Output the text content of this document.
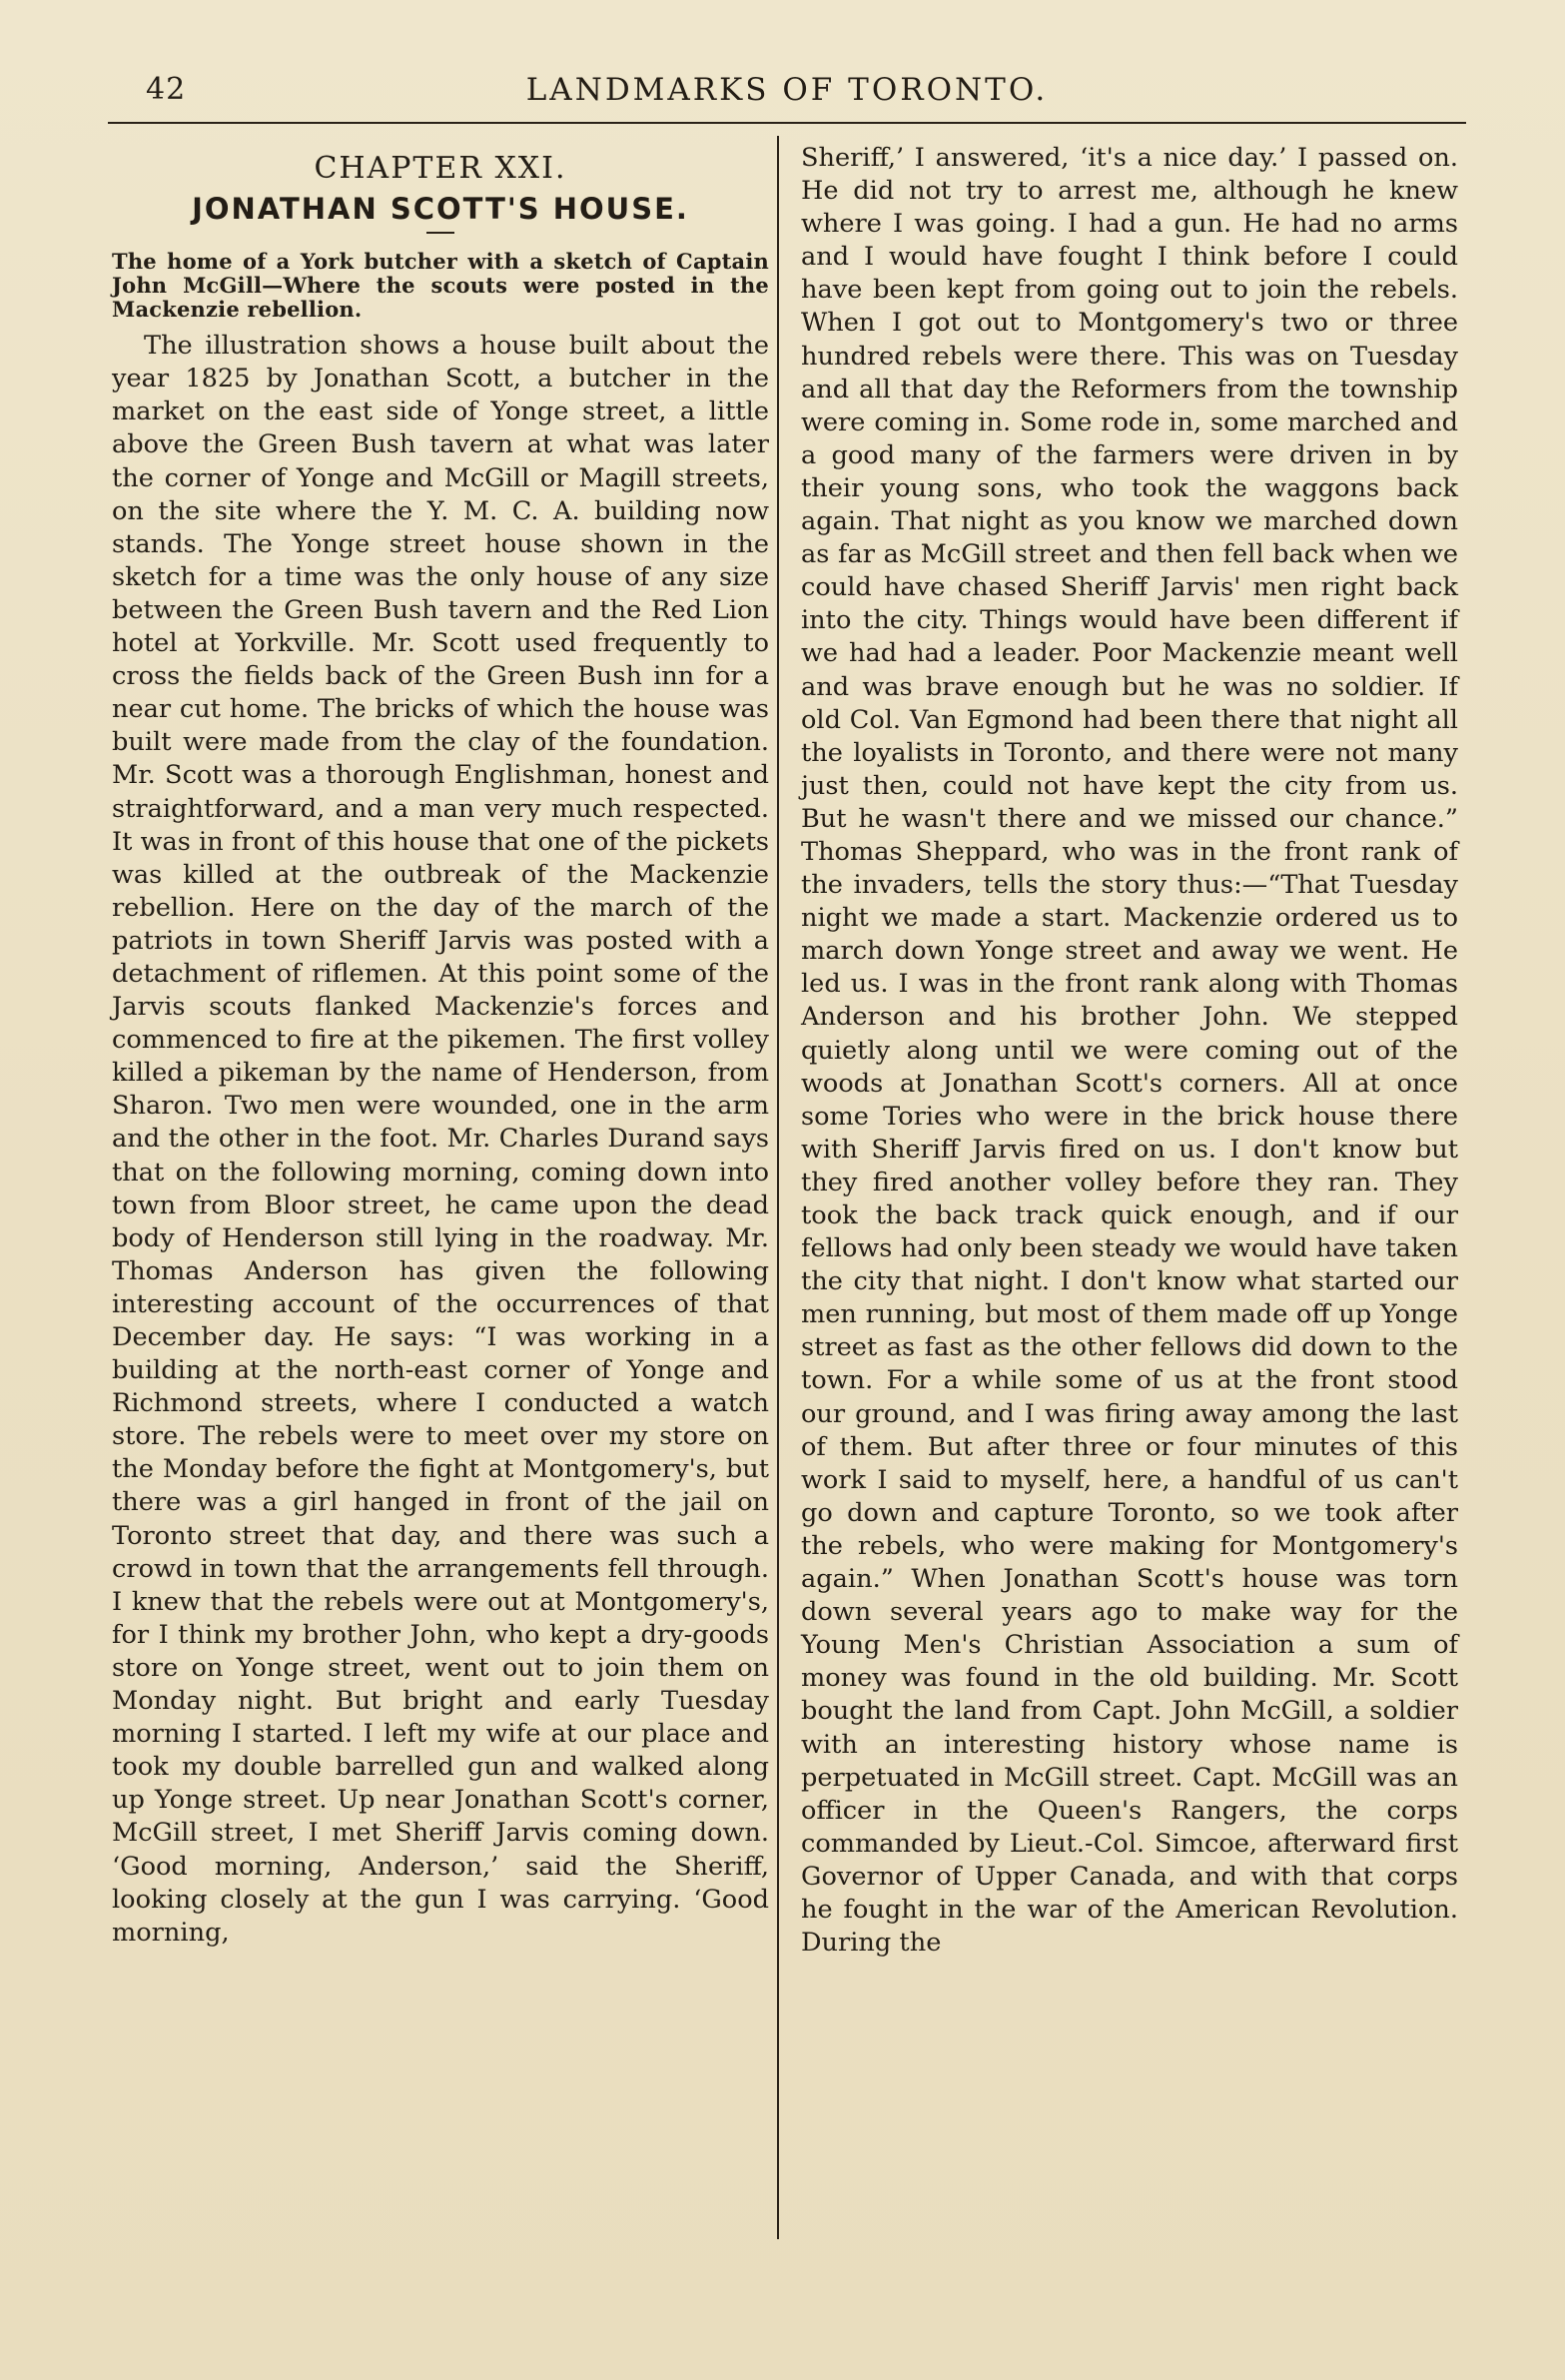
42	LANDMARKS OF TORONTO.
CHAPTER XXI.
JONATHAN SCOTT'S HOUSE.
The home of a York butcher with a sketch of Captain John McGill—Where the scouts were posted in the Mackenzie rebellion.

The illustration shows a house built about the year 1825 by Jonathan Scott, a butcher in the market on the east side of Yonge street, a little above the Green Bush tavern at what was later the corner of Yonge and McGill or Magill streets, on the site where the Y. M. C. A. building now stands. The Yonge street house shown in the sketch for a time was the only house of any size between the Green Bush tavern and the Red Lion hotel at Yorkville. Mr. Scott used frequently to cross the fields back of the Green Bush inn for a near cut home. The bricks of which the house was built were made from the clay of the foundation. Mr. Scott was a thorough Englishman, honest and straightforward, and a man very much respected. It was in front of this house that one of the pickets was killed at the outbreak of the Mackenzie rebellion. Here on the day of the march of the patriots in town Sheriff Jarvis was posted with a detachment of riflemen. At this point some of the Jarvis scouts flanked Mackenzie's forces and commenced to fire at the pikemen. The first volley killed a pikeman by the name of Henderson, from Sharon. Two men were wounded, one in the arm and the other in the foot. Mr. Charles Durand says that on the following morning, coming down into town from Bloor street, he came upon the dead body of Henderson still lying in the roadway. Mr. Thomas Anderson has given the following interesting account of the occurrences of that December day. He says: “I was working in a building at the north-east corner of Yonge and Richmond streets, where I conducted a watch store. The rebels were to meet over my store on the Monday before the fight at Montgomery's, but there was a girl hanged in front of the jail on Toronto street that day, and there was such a crowd in town that the arrangements fell through. I knew that the rebels were out at Montgomery's, for I think my brother John, who kept a dry-goods store on Yonge street, went out to join them on Monday night. But bright and early Tuesday morning I started. I left my wife at our place and took my double barrelled gun and walked along up Yonge street. Up near Jonathan Scott's corner, McGill street, I met Sheriff Jarvis coming down. ‘Good morning, Anderson,’ said the Sheriff, looking closely at the gun I was carrying. ‘Good morning,

Sheriff,’ I answered, ‘it's a nice day.’ I passed on. He did not try to arrest me, although he knew where I was going. I had a gun. He had no arms and I would have fought I think before I could have been kept from going out to join the rebels. When I got out to Montgomery's two or three hundred rebels were there. This was on Tuesday and all that day the Reformers from the township were coming in. Some rode in, some marched and a good many of the farmers were driven in by their young sons, who took the waggons back again. That night as you know we marched down as far as McGill street and then fell back when we could have chased Sheriff Jarvis' men right back into the city. Things would have been different if we had had a leader. Poor Mackenzie meant well and was brave enough but he was no soldier. If old Col. Van Egmond had been there that night all the loyalists in Toronto, and there were not many just then, could not have kept the city from us. But he wasn't there and we missed our chance.” Thomas Sheppard, who was in the front rank of the invaders, tells the story thus:—“That Tuesday night we made a start. Mackenzie ordered us to march down Yonge street and away we went. He led us. I was in the front rank along with Thomas Anderson and his brother John. We stepped quietly along until we were coming out of the woods at Jonathan Scott's corners. All at once some Tories who were in the brick house there with Sheriff Jarvis fired on us. I don't know but they fired another volley before they ran. They took the back track quick enough, and if our fellows had only been steady we would have taken the city that night. I don't know what started our men running, but most of them made off up Yonge street as fast as the other fellows did down to the town. For a while some of us at the front stood our ground, and I was firing away among the last of them. But after three or four minutes of this work I said to myself, here, a handful of us can't go down and capture Toronto, so we took after the rebels, who were making for Montgomery's again.” When Jonathan Scott's house was torn down several years ago to make way for the Young Men's Christian Association a sum of money was found in the old building. Mr. Scott bought the land from Capt. John McGill, a soldier with an interesting history whose name is perpetuated in McGill street. Capt. McGill was an officer in the Queen's Rangers, the corps commanded by Lieut.-Col. Simcoe, afterward first Governor of Upper Canada, and with that corps he fought in the war of the American Revolution. During the
